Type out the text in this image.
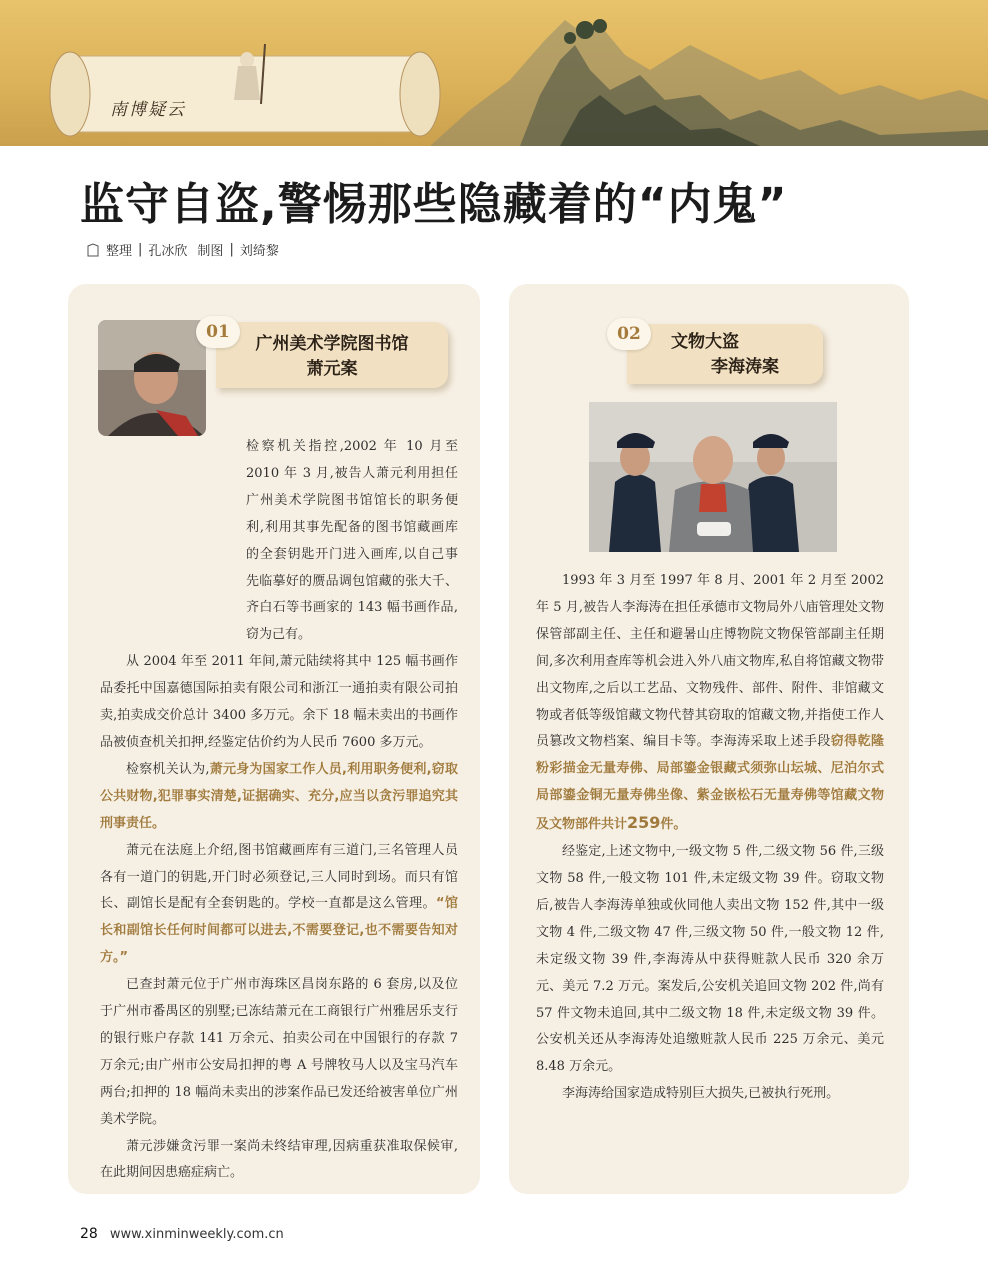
南博疑云
监守自盗,警惕那些隐藏着的“内鬼”
整理 | 孔冰欣 制图 | 刘绮黎
01
广州美术学院图书馆
萧元案

检察机关指控,2002 年 10 月至 2010 年 3 月,被告人萧元利用担任广州美术学院图书馆馆长的职务便利,利用其事先配备的图书馆藏画库的全套钥匙开门进入画库,以自己事先临摹好的赝品调包馆藏的张大千、齐白石等书画家的 143 幅书画作品,窃为己有。

从 2004 年至 2011 年间,萧元陆续将其中 125 幅书画作品委托中国嘉德国际拍卖有限公司和浙江一通拍卖有限公司拍卖,拍卖成交价总计 3400 多万元。余下 18 幅未卖出的书画作品被侦查机关扣押,经鉴定估价约为人民币 7600 多万元。

检察机关认为,萧元身为国家工作人员,利用职务便利,窃取公共财物,犯罪事实清楚,证据确实、充分,应当以贪污罪追究其刑事责任。

萧元在法庭上介绍,图书馆藏画库有三道门,三名管理人员各有一道门的钥匙,开门时必须登记,三人同时到场。而只有馆长、副馆长是配有全套钥匙的。学校一直都是这么管理。“馆长和副馆长任何时间都可以进去,不需要登记,也不需要告知对方。”

已查封萧元位于广州市海珠区昌岗东路的 6 套房,以及位于广州市番禺区的别墅;已冻结萧元在工商银行广州雅居乐支行的银行账户存款 141 万余元、拍卖公司在中国银行的存款 7 万余元;由广州市公安局扣押的粤 A 号牌牧马人以及宝马汽车两台;扣押的 18 幅尚未卖出的涉案作品已发还给被害单位广州美术学院。

萧元涉嫌贪污罪一案尚未终结审理,因病重获准取保候审,在此期间因患癌症病亡。

02	文物大盗
李海涛案

1993 年 3 月至 1997 年 8 月、2001 年 2 月至 2002 年 5 月,被告人李海涛在担任承德市文物局外八庙管理处文物保管部副主任、主任和避暑山庄博物院文物保管部副主任期间,多次利用查库等机会进入外八庙文物库,私自将馆藏文物带出文物库,之后以工艺品、文物残件、部件、附件、非馆藏文物或者低等级馆藏文物代替其窃取的馆藏文物,并指使工作人员篡改文物档案、编目卡等。李海涛采取上述手段窃得乾隆粉彩描金无量寿佛、局部鎏金银藏式须弥山坛城、尼泊尔式局部鎏金铜无量寿佛坐像、紫金嵌松石无量寿佛等馆藏文物及文物部件共计259件。

经鉴定,上述文物中,一级文物 5 件,二级文物 56 件,三级文物 58 件,一般文物 101 件,未定级文物 39 件。窃取文物后,被告人李海涛单独或伙同他人卖出文物 152 件,其中一级文物 4 件,二级文物 47 件,三级文物 50 件,一般文物 12 件,未定级文物 39 件,李海涛从中获得赃款人民币 320 余万元、美元 7.2 万元。案发后,公安机关追回文物 202 件,尚有 57 件文物未追回,其中二级文物 18 件,未定级文物 39 件。公安机关还从李海涛处追缴赃款人民币 225 万余元、美元 8.48 万余元。

李海涛给国家造成特别巨大损失,已被执行死刑。

28 www.xinminweekly.com.cn
